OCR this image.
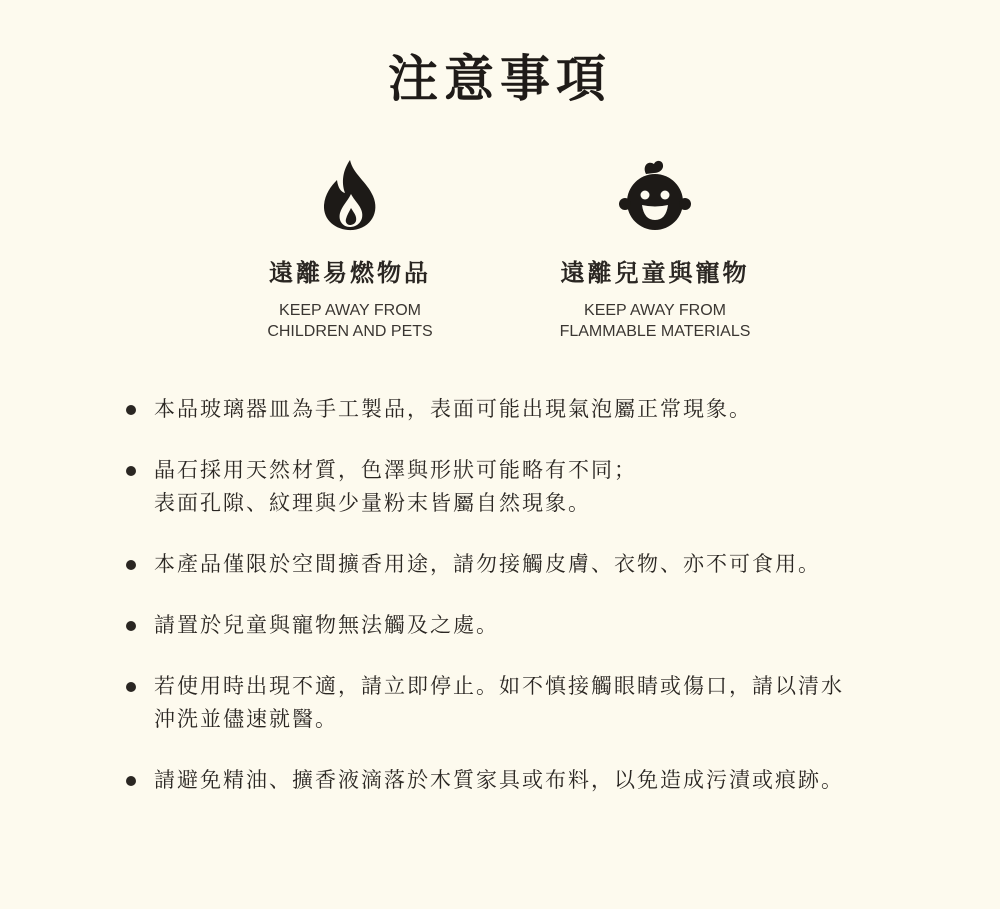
注意事項
遠離易燃物品
KEEP AWAY FROM
CHILDREN AND PETS
遠離兒童與寵物
KEEP AWAY FROM
FLAMMABLE MATERIALS
本品玻璃器皿為手工製品，表面可能出現氣泡屬正常現象。
晶石採用天然材質，色澤與形狀可能略有不同；
表面孔隙、紋理與少量粉末皆屬自然現象。
本產品僅限於空間擴香用途，請勿接觸皮膚、衣物、亦不可食用。
請置於兒童與寵物無法觸及之處。
若使用時出現不適，請立即停止。如不慎接觸眼睛或傷口，請以清水
沖洗並儘速就醫。
請避免精油、擴香液滴落於木質家具或布料，以免造成污漬或痕跡。
